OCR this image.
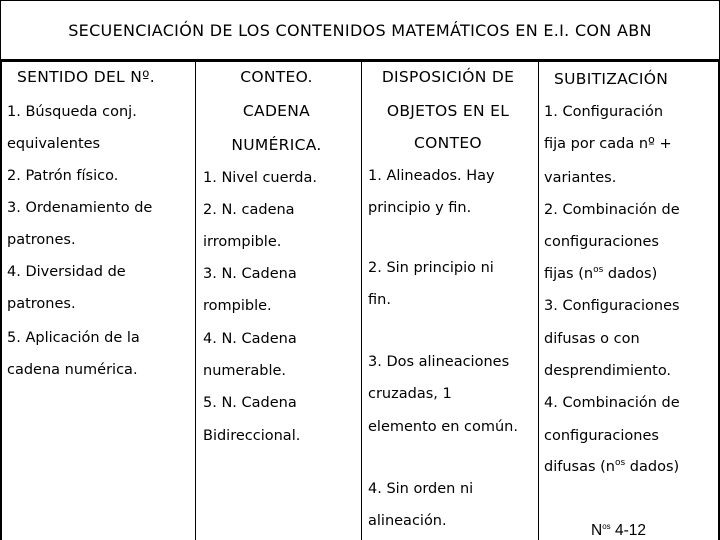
SECUENCIACIÓN DE LOS CONTENIDOS MATEMÁTICOS EN E.I. CON ABN
SENTIDO DEL Nº.
1. Búsqueda conj.
equivalentes
2. Patrón físico.
3. Ordenamiento de
patrones.
4. Diversidad de
patrones.
5. Aplicación de la
cadena numérica.
CONTEO.
CADENA
NUMÉRICA.
1. Nivel cuerda.
2. N. cadena
irrompible.
3. N. Cadena
rompible.
4. N. Cadena
numerable.
5. N. Cadena
Bidireccional.
DISPOSICIÓN DE
OBJETOS EN EL
CONTEO
1. Alineados. Hay
principio y fin.
2. Sin principio ni
fin.
3. Dos alineaciones
cruzadas, 1
elemento en común.
4. Sin orden ni
alineación.
SUBITIZACIÓN
1. Configuración
fija por cada nº +
variantes.
2. Combinación de
configuraciones
fijas ($n^{os}$ dados)
3. Configuraciones
difusas o con
desprendimiento.
4. Combinación de
configuraciones
difusas ($n^{os}$ dados)
$N^{os}$ 4-12
